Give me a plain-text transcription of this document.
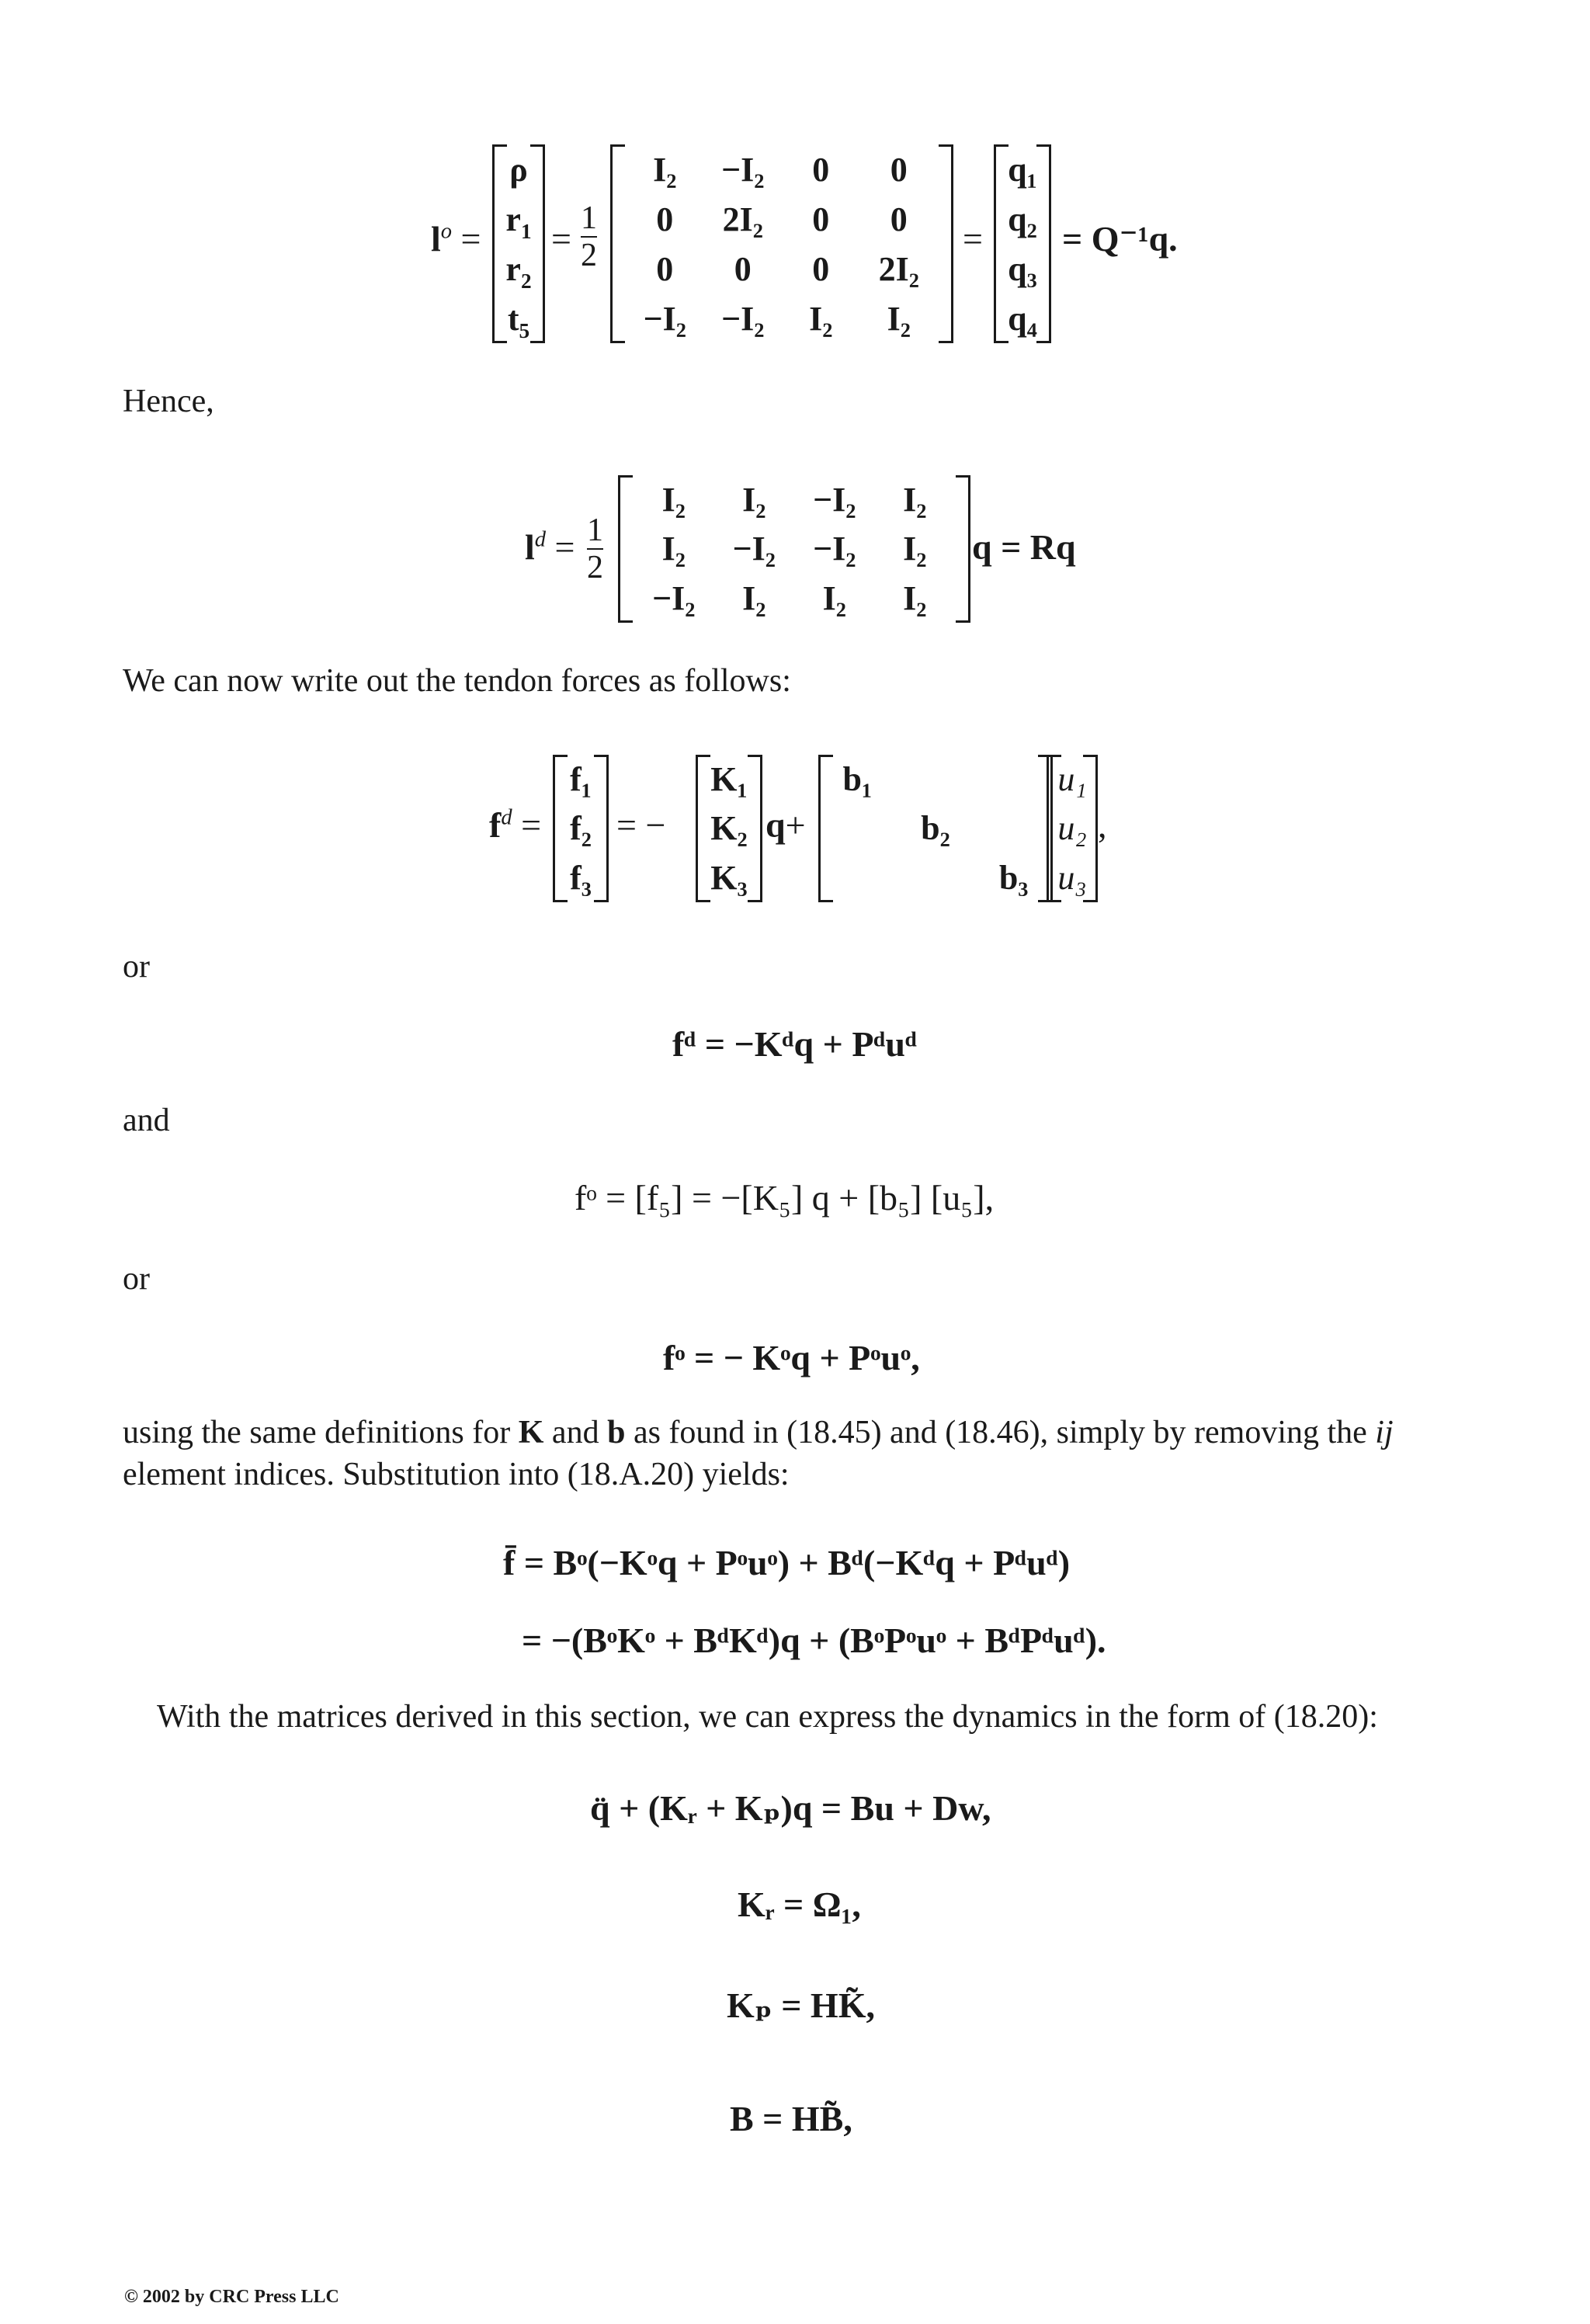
$l^o$ =
ρ
$r_1$
$r_2$
$t_5$
=
1
2
I₂ −I₂ 0 0
0 2I₂ 0 0
0 0 0 2I₂
−I₂ −I₂ I₂ I₂
=
q₁
q₂
q₃
q₄
= Q⁻¹q.
Hence,
$l^d = 1$
2
I₂ I₂ −I₂ I₂
I₂ −I₂ −I₂ I₂
−I₂ I₂ I₂ I₂
q = Rq
We can now write out the tendon forces as follows:
$f^d$ =
f₁
f₂
f₃
= −
K₁
K₂
K₃
q+
b₁
b₂
b₃
u₁
u₂
u₃
,
or
fᵈ = −Kᵈq + Pᵈuᵈ
and
fᵒ = [f₅] = −[K₅] q + [b₅] [u₅],
or
fᵒ = − Kᵒq + Pᵒuᵒ,
using the same definitions for K and b as found in (18.45) and (18.46), simply by removing the ij
element indices. Substitution into (18.A.20) yields:
f̄ = Bᵒ(−Kᵒq + Pᵒuᵒ) + Bᵈ(−Kᵈq + Pᵈuᵈ)
= −(BᵒKᵒ + BᵈKᵈ)q + (BᵒPᵒuᵒ + BᵈPᵈuᵈ).
With the matrices derived in this section, we can express the dynamics in the form of (18.20):
q̈ + (Kᵣ + Kₚ)q = Bu + Dw,
Kᵣ = Ω₁,
Kₚ = HK̃,
B = HB̃,
© 2002 by CRC Press LLC
